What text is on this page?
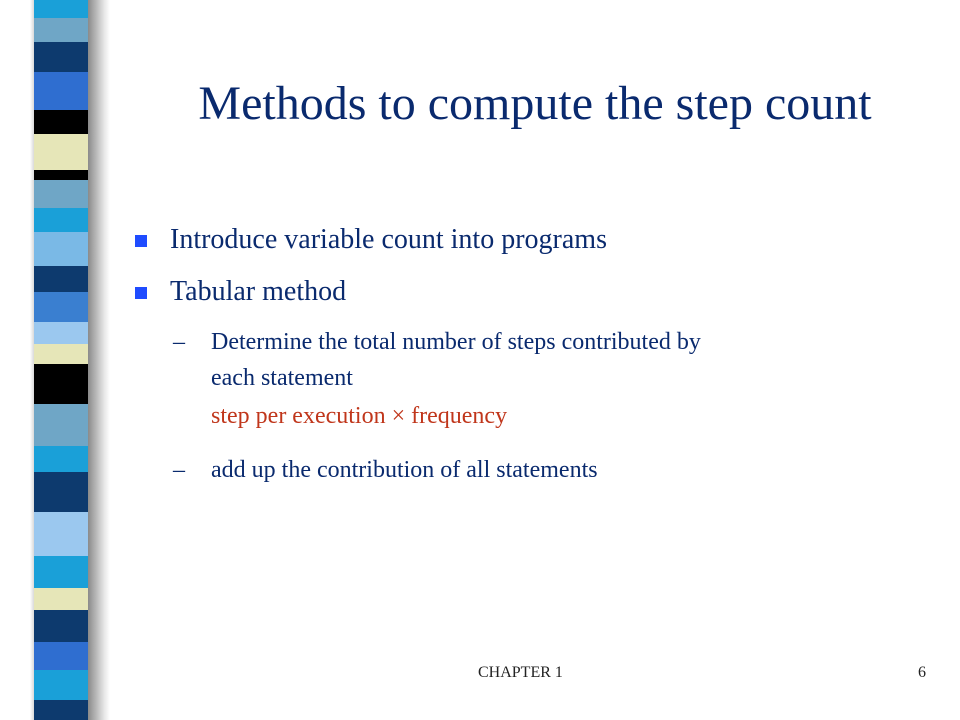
Methods to compute the step count
Introduce variable count into programs
Tabular method
–	Determine the total number of steps contributed by
each statement
step per execution × frequency
–	add up the contribution of all statements
CHAPTER 1	6
